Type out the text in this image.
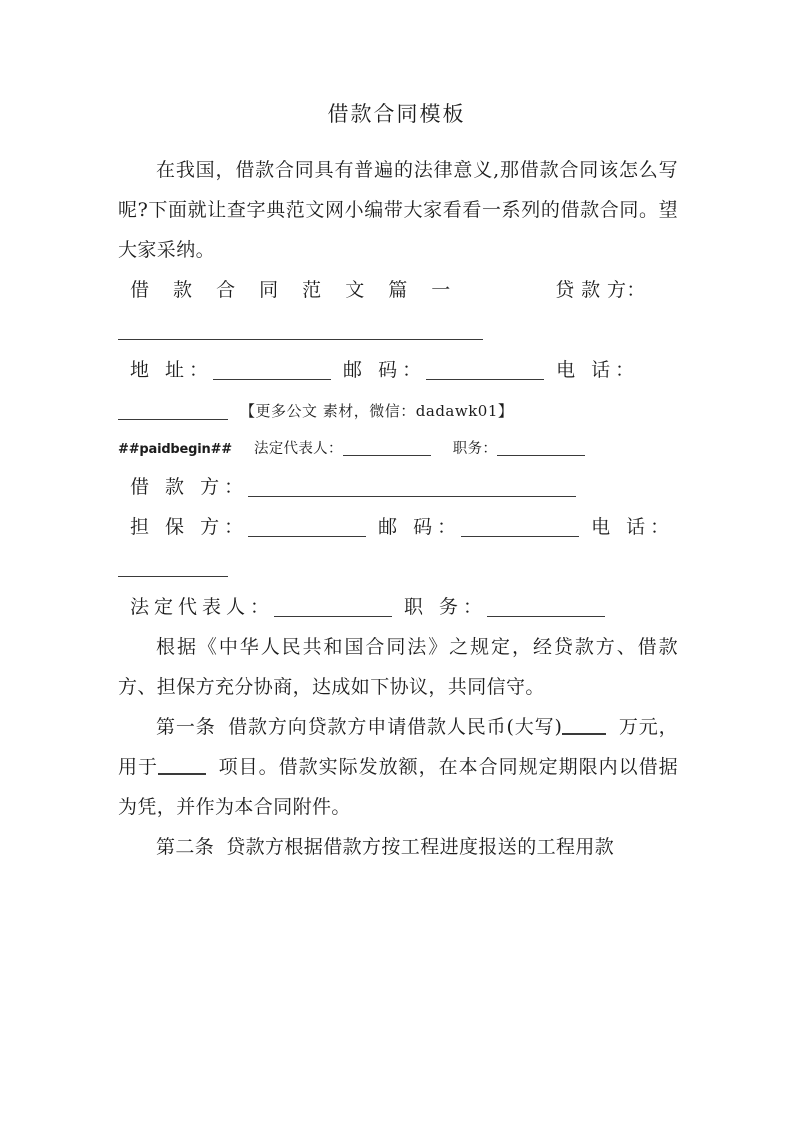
借款合同模板

在我国，借款合同具有普遍的法律意义,那借款合同该怎么写呢?下面就让查字典范文网小编带大家看看一系列的借款合同。望大家采纳。

借 款 合 同 范 文 篇 一	贷 款 方：

地 址：	邮 码：	电 话：

【更多公文 素材，微信：dadawk01】

##paidbegin## 法定代表人：	职务：

借 款 方：

担 保 方：	邮 码：	电 话：

法定代表人：	职 务：

根据《中华人民共和国合同法》之规定，经贷款方、借款方、担保方充分协商，达成如下协议，共同信守。

第一条 借款方向贷款方申请借款人民币(大写)	万元，用于	项目。借款实际发放额，在本合同规定期限内以借据为凭，并作为本合同附件。

第二条 贷款方根据借款方按工程进度报送的工程用款
